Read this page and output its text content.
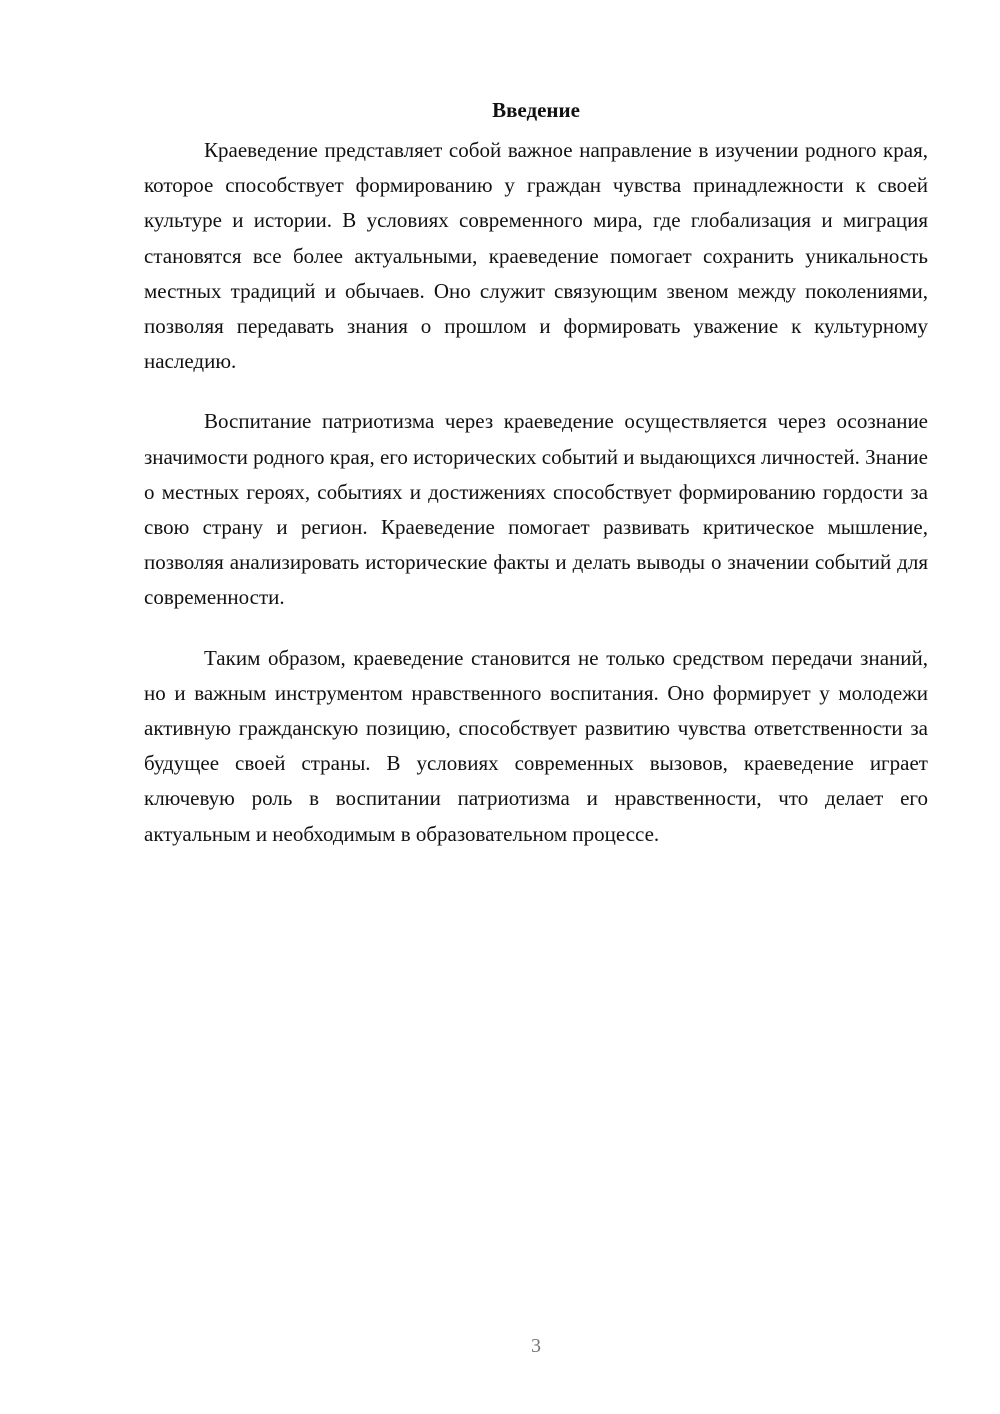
Введение

Краеведение представляет собой важное направление в изучении родного края, которое способствует формированию у граждан чувства принадлежности к своей культуре и истории. В условиях современного мира, где глобализация и миграция становятся все более актуальными, краеведение помогает сохранить уникальность местных традиций и обычаев. Оно служит связующим звеном между поколениями, позволяя передавать знания о прошлом и формировать уважение к культурному наследию.

Воспитание патриотизма через краеведение осуществляется через осознание значимости родного края, его исторических событий и выдающихся личностей. Знание о местных героях, событиях и достижениях способствует формированию гордости за свою страну и регион. Краеведение помогает развивать критическое мышление, позволяя анализировать исторические факты и делать выводы о значении событий для современности.

Таким образом, краеведение становится не только средством передачи знаний, но и важным инструментом нравственного воспитания. Оно формирует у молодежи активную гражданскую позицию, способствует развитию чувства ответственности за будущее своей страны. В условиях современных вызовов, краеведение играет ключевую роль в воспитании патриотизма и нравственности, что делает его актуальным и необходимым в образовательном процессе.

3
